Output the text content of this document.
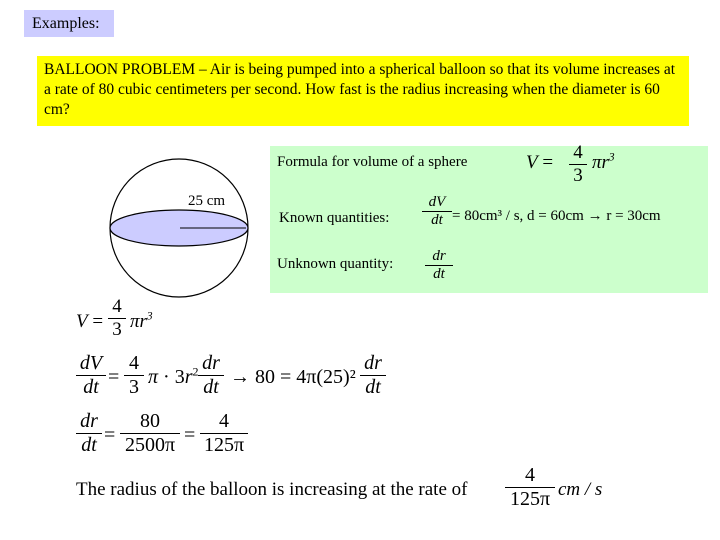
Examples:
BALLOON PROBLEM – Air is being pumped into a spherical balloon so that its volume increases at a rate of 80 cubic centimeters per second. How fast is the radius increasing when the diameter is 60 cm?
25 cm
Formula for volume of a sphere	V = 4
3
$\pi r^3$
Known quantities:
dV
dt = 80cm³ / s, d = 60cm → r = 30cm
Unknown quantity:	dr
dt
V =
4
3 $\pi r^3$
dV
dt =
4
3 $\pi \cdot 3r^2$ dr
dt → 80 = 4π(25)²
dr
dt
dr
dt =
80
2500π =
4
125π
The radius of the balloon is increasing at the rate of
4
125π cm / s
